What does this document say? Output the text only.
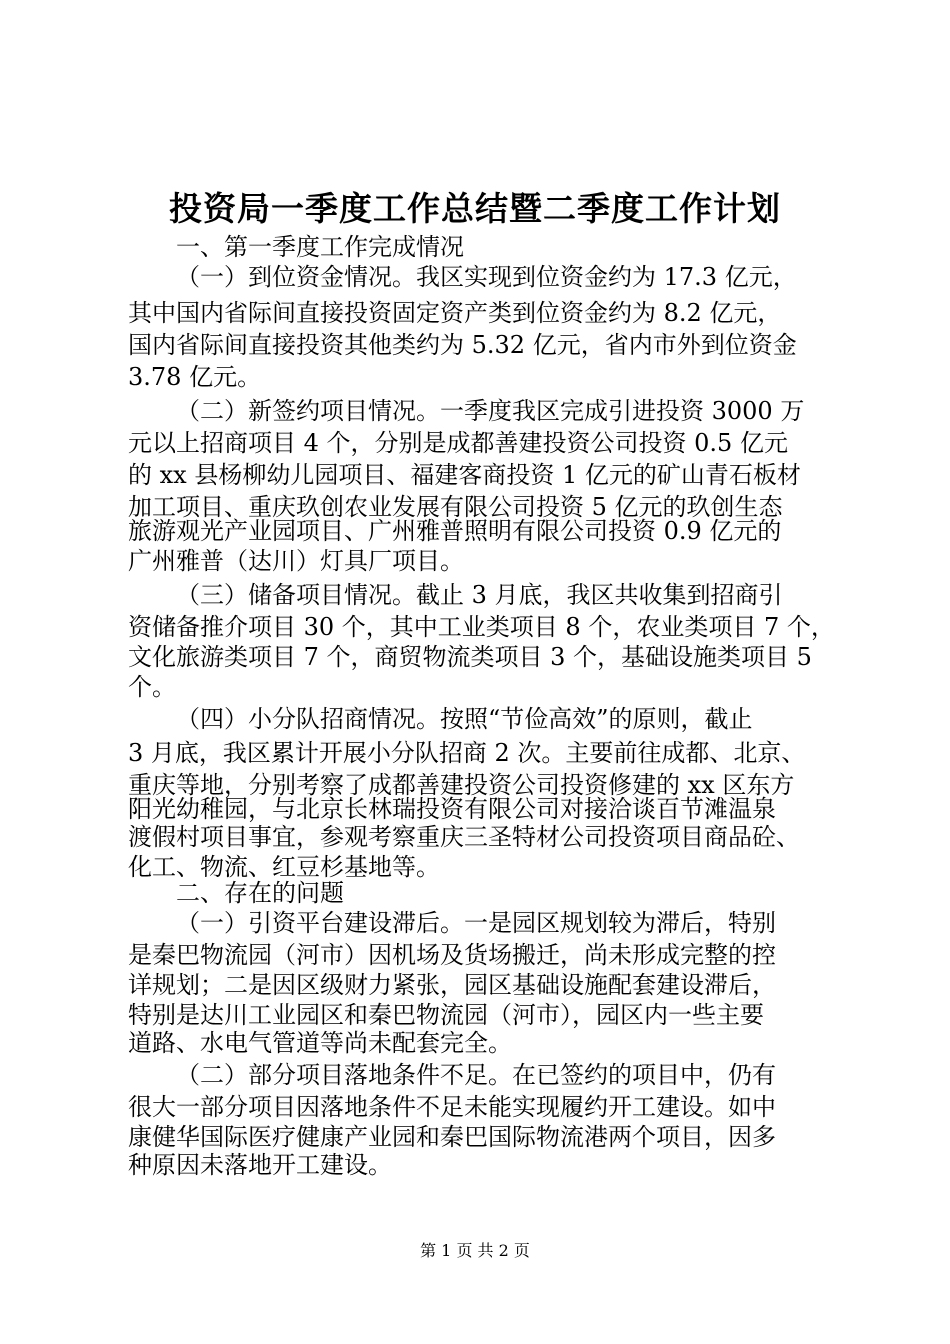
投资局一季度工作总结暨二季度工作计划
一、第一季度工作完成情况
（一）到位资金情况。我区实现到位资金约为 17.3 亿元，
其中国内省际间直接投资固定资产类到位资金约为 8.2 亿元，
国内省际间直接投资其他类约为 5.32 亿元，省内市外到位资金
3.78 亿元。
（二）新签约项目情况。一季度我区完成引进投资 3000 万
元以上招商项目 4 个，分别是成都善建投资公司投资 0.5 亿元
的 xx 县杨柳幼儿园项目、福建客商投资 1 亿元的矿山青石板材
加工项目、重庆玖创农业发展有限公司投资 5 亿元的玖创生态
旅游观光产业园项目、广州雅普照明有限公司投资 0.9 亿元的
广州雅普（达川）灯具厂项目。
（三）储备项目情况。截止 3 月底，我区共收集到招商引
资储备推介项目 30 个，其中工业类项目 8 个，农业类项目 7 个，
文化旅游类项目 7 个，商贸物流类项目 3 个，基础设施类项目 5
个。
（四）小分队招商情况。按照“节俭高效”的原则，截止
3 月底，我区累计开展小分队招商 2 次。主要前往成都、北京、
重庆等地，分别考察了成都善建投资公司投资修建的 xx 区东方
阳光幼稚园，与北京长林瑞投资有限公司对接洽谈百节滩温泉
渡假村项目事宜，参观考察重庆三圣特材公司投资项目商品砼、
化工、物流、红豆杉基地等。
二、存在的问题
（一）引资平台建设滞后。一是园区规划较为滞后，特别
是秦巴物流园（河市）因机场及货场搬迁，尚未形成完整的控
详规划；二是因区级财力紧张，园区基础设施配套建设滞后，
特别是达川工业园区和秦巴物流园（河市），园区内一些主要
道路、水电气管道等尚未配套完全。
（二）部分项目落地条件不足。在已签约的项目中，仍有
很大一部分项目因落地条件不足未能实现履约开工建设。如中
康健华国际医疗健康产业园和秦巴国际物流港两个项目，因多
种原因未落地开工建设。
第 1 页 共 2 页
